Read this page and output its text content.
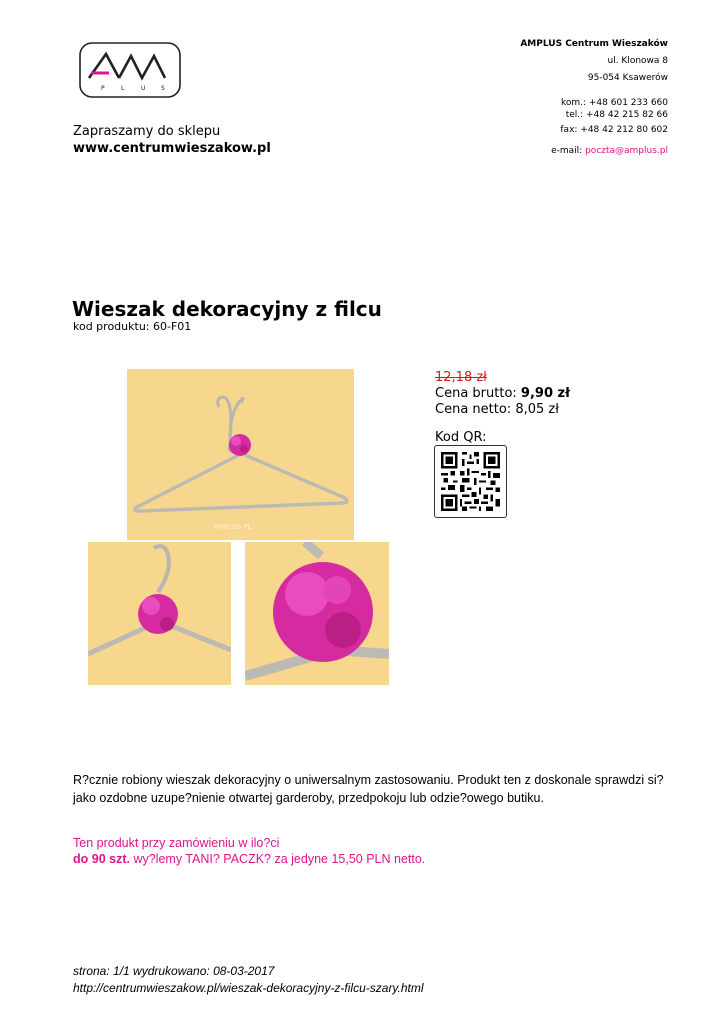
P	L	U	S
AMPLUS Centrum Wieszaków
ul. Klonowa 8
95-054 Ksawerów
kom.: +48 601 233 660
tel.: +48 42 215 82 66
fax: +48 42 212 80 602
e-mail: poczta@amplus.pl
Zapraszamy do sklepu
www.centrumwieszakow.pl
Wieszak dekoracyjny z filcu
kod produktu: 60-F01
AMPLUS.PL
12,18 zł
Cena brutto: 9,90 zł
Cena netto: 8,05 zł
Kod QR:
R?cznie robiony wieszak dekoracyjny o uniwersalnym zastosowaniu. Produkt ten z doskonale sprawdzi si? jako ozdobne uzupe?nienie otwartej garderoby, przedpokoju lub odzie?owego butiku.
Ten produkt przy zamówieniu w ilo?ci
do 90 szt. wy?lemy TANI? PACZK? za jedyne 15,50 PLN netto.
strona: 1/1 wydrukowano: 08-03-2017
http://centrumwieszakow.pl/wieszak-dekoracyjny-z-filcu-szary.html
